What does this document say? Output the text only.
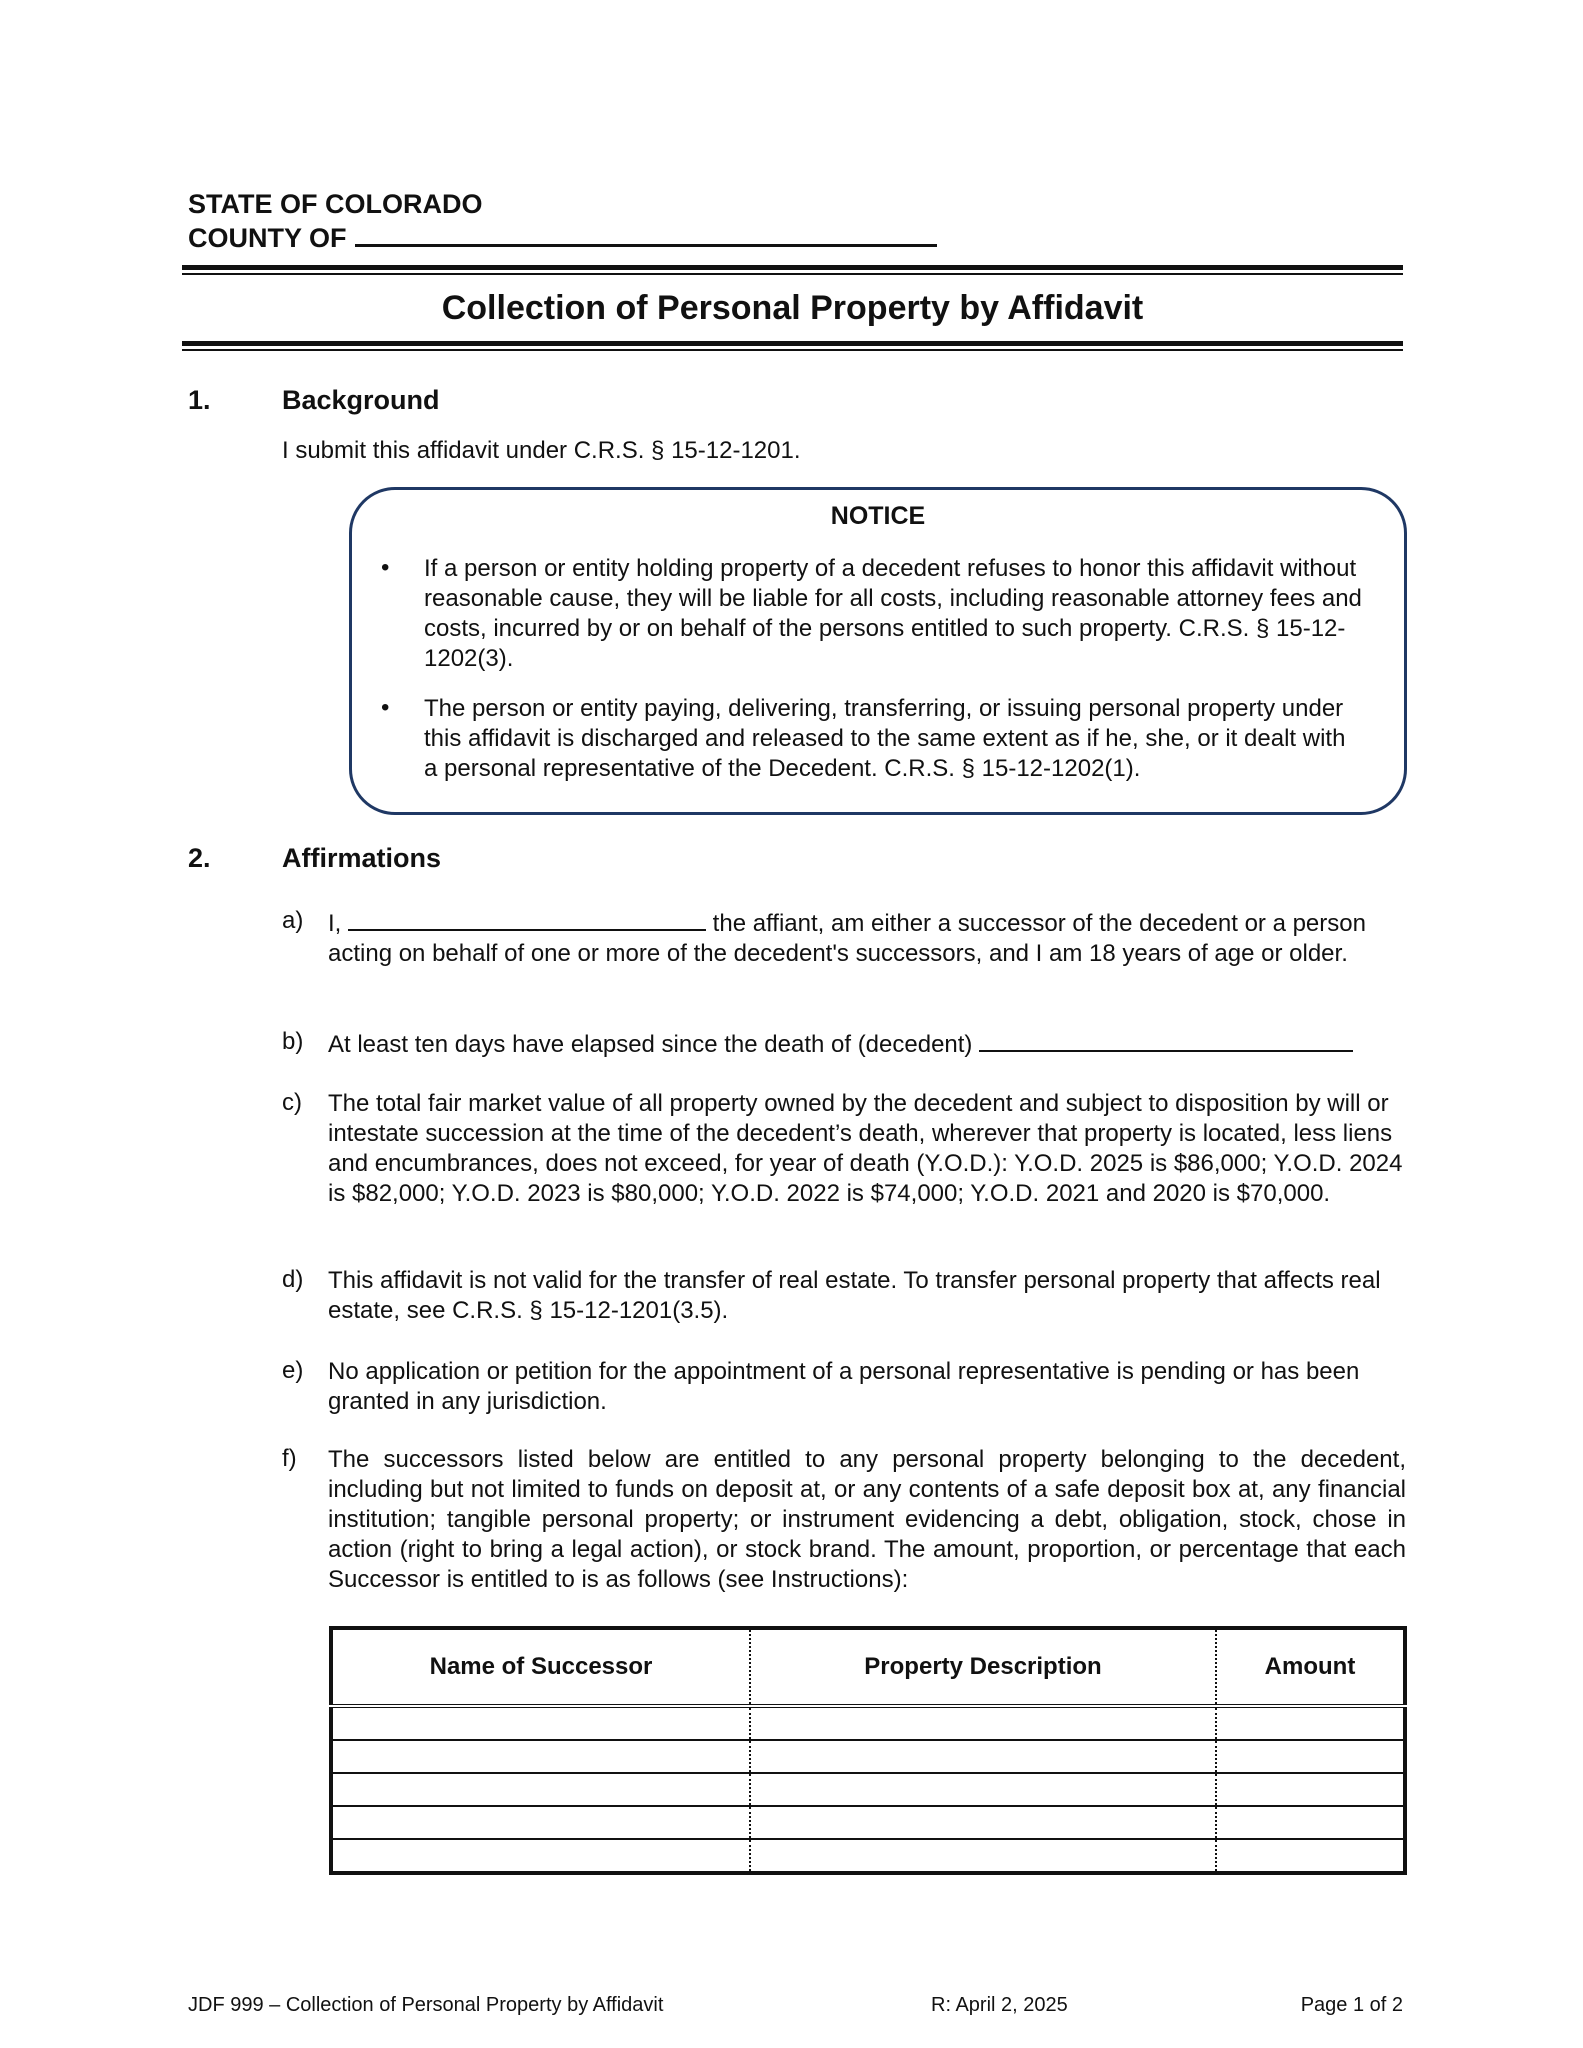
STATE OF COLORADO
COUNTY OF
Collection of Personal Property by Affidavit
1.	Background
I submit this affidavit under C.R.S. § 15-12-1201.
NOTICE
• If a person or entity holding property of a decedent refuses to honor this affidavit without reasonable cause, they will be liable for all costs, including reasonable attorney fees and costs, incurred by or on behalf of the persons entitled to such property. C.R.S. § 15-12-1202(3).
• The person or entity paying, delivering, transferring, or issuing personal property under this affidavit is discharged and released to the same extent as if he, she, or it dealt with a personal representative of the Decedent. C.R.S. § 15-12-1202(1).
2.	Affirmations
a) I,	the affiant, am either a successor of the decedent or a person acting on behalf of one or more of the decedent's successors, and I am 18 years of age or older.
b) At least ten days have elapsed since the death of (decedent)
c) The total fair market value of all property owned by the decedent and subject to disposition by will or intestate succession at the time of the decedent’s death, wherever that property is located, less liens and encumbrances, does not exceed, for year of death (Y.O.D.): Y.O.D. 2025 is $86,000; Y.O.D. 2024 is $82,000; Y.O.D. 2023 is $80,000; Y.O.D. 2022 is $74,000; Y.O.D. 2021 and 2020 is $70,000.
d) This affidavit is not valid for the transfer of real estate. To transfer personal property that affects real estate, see C.R.S. § 15-12-1201(3.5).
e) No application or petition for the appointment of a personal representative is pending or has been granted in any jurisdiction.
f) The successors listed below are entitled to any personal property belonging to the decedent, including but not limited to funds on deposit at, or any contents of a safe deposit box at, any financial institution; tangible personal property; or instrument evidencing a debt, obligation, stock, chose in action (right to bring a legal action), or stock brand. The amount, proportion, or percentage that each Successor is entitled to is as follows (see Instructions):
Name of Successor	Property Description	Amount

JDF 999 – Collection of Personal Property by Affidavit	R: April 2, 2025	Page 1 of 2
